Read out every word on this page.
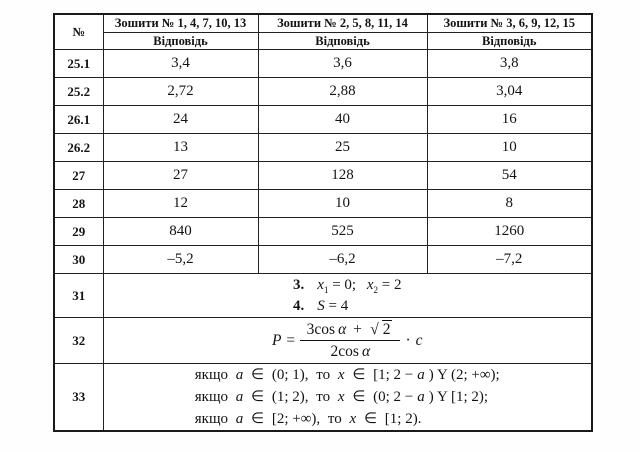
№	Зошити № 1, 4, 7, 10, 13	Зошити № 2, 5, 8, 11, 14	Зошити № 3, 6, 9, 12, 15
	Відповідь	Відповідь	Відповідь
25.1	3,4	3,6	3,8
25.2	2,72	2,88	3,04
26.1	24	40	16
26.2	13	25	10
27	27	128	54
28	12	10	8
29	840	525	1260
30	–5,2	–6,2	–7,2
31	3. $x_1 = 0$; $x_2 = 2$
4. S = 4		

32	$P = \frac{\text{3cos α + √ 2}}{\text{2cos α}} \cdot c$

33	якщо a ∈ (0; 1), то x ∈ [1; 2 − a ) Y (2; +∞);
якщо a ∈ (1; 2), то x ∈ (0; 2 − a ) Y [1; 2);
якщо a ∈ [2; +∞), то x ∈ [1; 2).		
